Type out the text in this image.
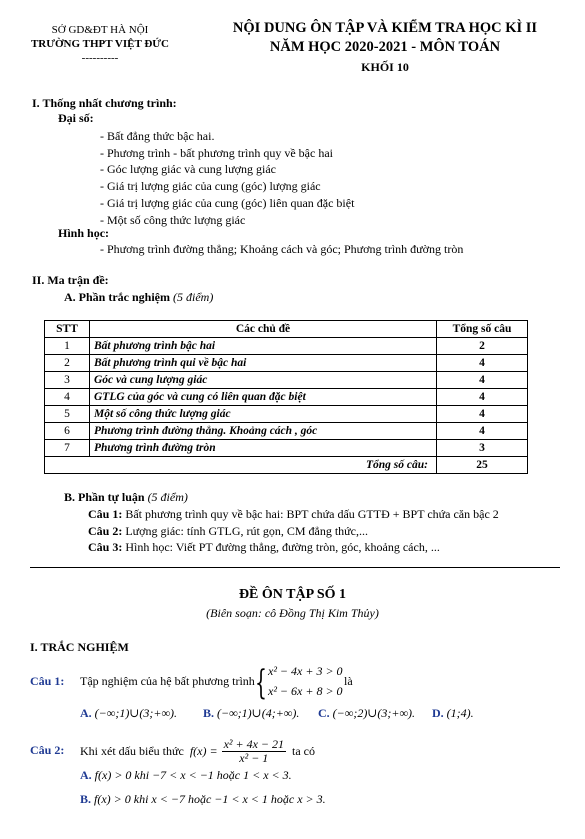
SỞ GD&ĐT HÀ NỘI
TRƯỜNG THPT VIỆT ĐỨC
----------
NỘI DUNG ÔN TẬP VÀ KIỂM TRA HỌC KÌ II
NĂM HỌC 2020-2021 - MÔN TOÁN
KHỐI 10
I. Thống nhất chương trình:
Đại số:
- Bất đẳng thức bậc hai.
- Phương trình - bất phương trình quy về bậc hai
- Góc lượng giác và cung lượng giác
- Giá trị lượng giác của cung (góc) lượng giác
- Giá trị lượng giác của cung (góc) liên quan đặc biệt
- Một số công thức lượng giác
Hình học:
- Phương trình đường thẳng; Khoảng cách và góc; Phương trình đường tròn
II. Ma trận đề:
A. Phần trắc nghiệm (5 điểm)
STT	Các chủ đề	Tổng số câu
1	Bất phương trình bậc hai	2
2	Bất phương trình qui về bậc hai	4
3	Góc và cung lượng giác	4
4	GTLG của góc và cung có liên quan đặc biệt	4
5	Một số công thức lượng giác	4
6	Phương trình đường thẳng. Khoảng cách , góc	4
7	Phương trình đường tròn	3
Tổng số câu:		25
B. Phần tự luận (5 điểm)
Câu 1: Bất phương trình quy về bậc hai: BPT chứa dấu GTTĐ + BPT chứa căn bậc 2
Câu 2: Lượng giác: tính GTLG, rút gọn, CM đẳng thức,...
Câu 3: Hình học: Viết PT đường thẳng, đường tròn, góc, khoảng cách, ...
ĐỀ ÔN TẬP SỐ 1
(Biên soạn: cô Đồng Thị Kim Thủy)
I. TRẮC NGHIỆM
Câu 1: Tập nghiệm của hệ bất phương trình { x² − 4x + 3 > 0
x² − 6x + 8 > 0
là
A. (−∞;1)∪(3;+∞). B. (−∞;1)∪(4;+∞). C. (−∞;2)∪(3;+∞). D. (1;4).
Câu 2: Khi xét dấu biểu thức $f(x) = \frac{\text{x² + 4x − 21}}{\text{x² − 1}}$ ta có
A. f(x) > 0 khi −7 < x < −1 hoặc 1 < x < 3.
B. f(x) > 0 khi x < −7 hoặc −1 < x < 1 hoặc x > 3.
